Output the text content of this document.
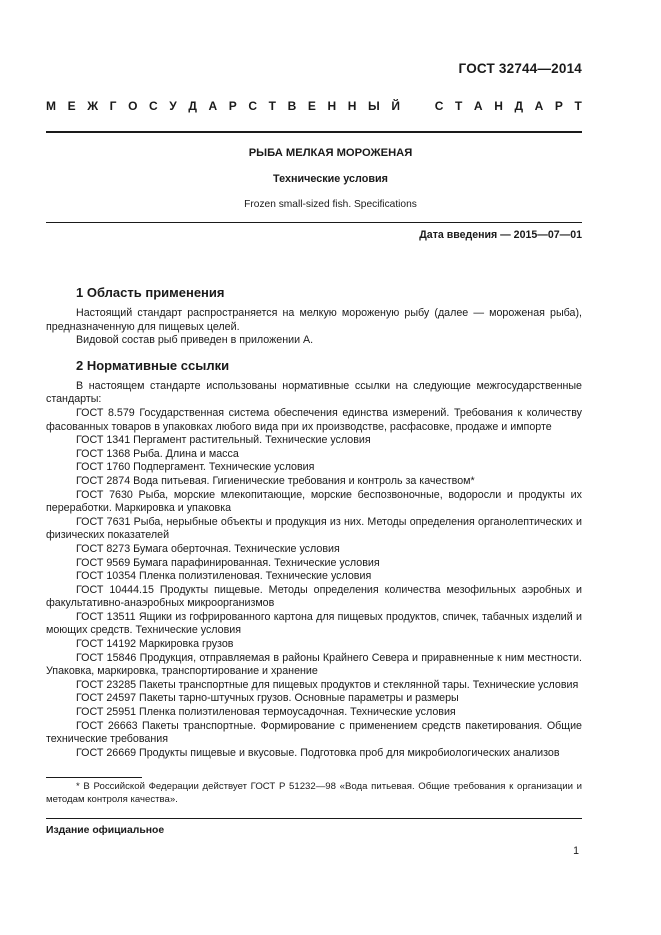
ГОСТ 32744—2014
М Е Ж Г О С У Д А Р С Т В Е Н Н Ы Й	С Т А Н Д А Р Т
РЫБА МЕЛКАЯ МОРОЖЕНАЯ
Технические условия
Frozen small-sized fish. Specifications
Дата введения — 2015—07—01
1 Область применения

Настоящий стандарт распространяется на мелкую мороженую рыбу (далее — мороженая рыба), предназначенную для пищевых целей.

Видовой состав рыб приведен в приложении А.

2 Нормативные ссылки

В настоящем стандарте использованы нормативные ссылки на следующие межгосударственные стандарты:

ГОСТ 8.579 Государственная система обеспечения единства измерений. Требования к количеству фасованных товаров в упаковках любого вида при их производстве, расфасовке, продаже и импорте

ГОСТ 1341 Пергамент растительный. Технические условия

ГОСТ 1368 Рыба. Длина и масса

ГОСТ 1760 Подпергамент. Технические условия

ГОСТ 2874 Вода питьевая. Гигиенические требования и контроль за качеством*

ГОСТ 7630 Рыба, морские млекопитающие, морские беспозвоночные, водоросли и продукты их переработки. Маркировка и упаковка

ГОСТ 7631 Рыба, нерыбные объекты и продукция из них. Методы определения органолептических и физических показателей

ГОСТ 8273 Бумага оберточная. Технические условия

ГОСТ 9569 Бумага парафинированная. Технические условия

ГОСТ 10354 Пленка полиэтиленовая. Технические условия

ГОСТ 10444.15 Продукты пищевые. Методы определения количества мезофильных аэробных и факультативно-анаэробных микроорганизмов

ГОСТ 13511 Ящики из гофрированного картона для пищевых продуктов, спичек, табачных изделий и моющих средств. Технические условия

ГОСТ 14192 Маркировка грузов

ГОСТ 15846 Продукция, отправляемая в районы Крайнего Севера и приравненные к ним местности. Упаковка, маркировка, транспортирование и хранение

ГОСТ 23285 Пакеты транспортные для пищевых продуктов и стеклянной тары. Технические условия

ГОСТ 24597 Пакеты тарно-штучных грузов. Основные параметры и размеры

ГОСТ 25951 Пленка полиэтиленовая термоусадочная. Технические условия

ГОСТ 26663 Пакеты транспортные. Формирование с применением средств пакетирования. Общие технические требования

ГОСТ 26669 Продукты пищевые и вкусовые. Подготовка проб для микробиологических анализов

* В Российской Федерации действует ГОСТ Р 51232—98 «Вода питьевая. Общие требования к организации и методам контроля качества».
Издание официальное
1
